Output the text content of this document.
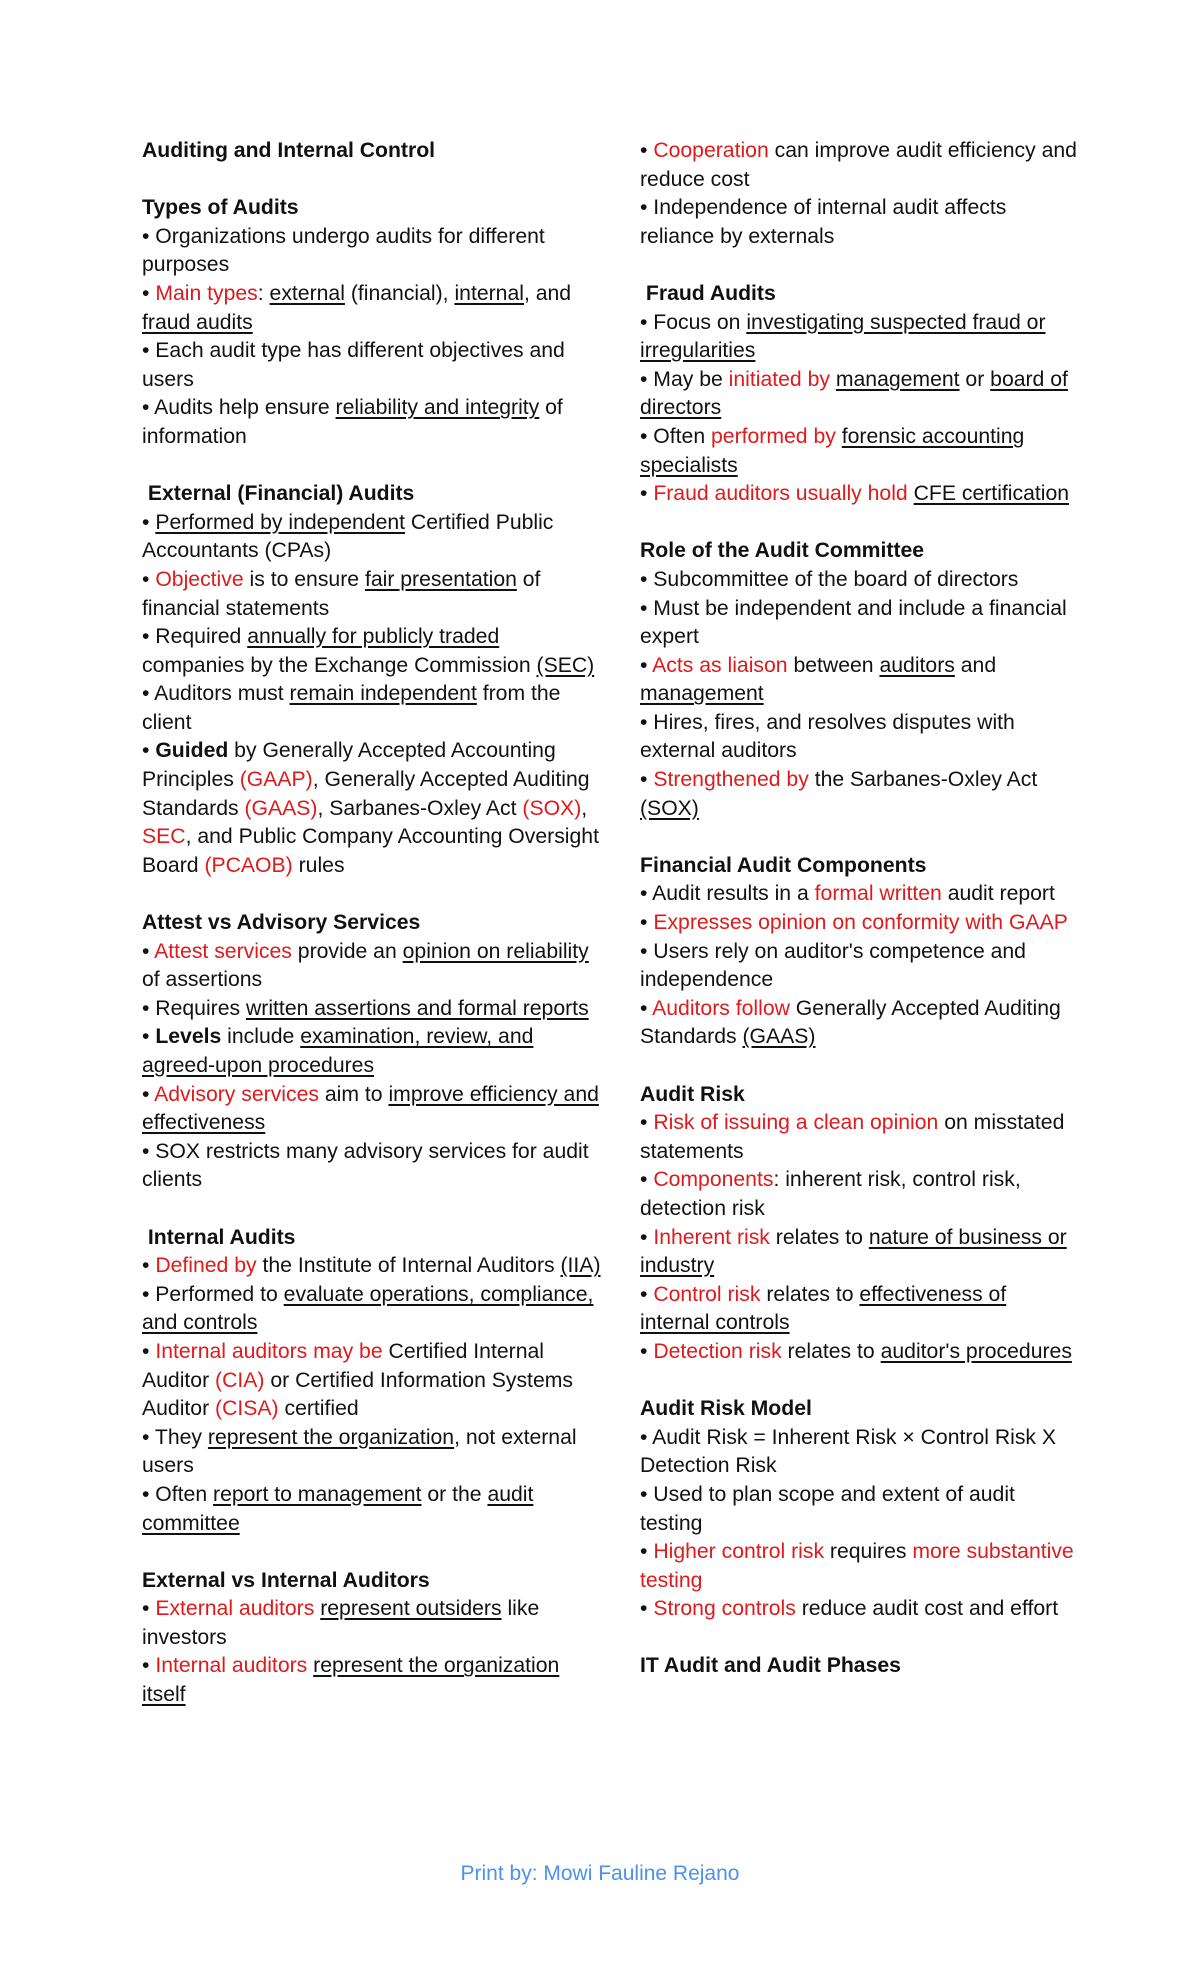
Auditing and Internal Control

Types of Audits

• Organizations undergo audits for different purposes

• Main types: external (financial), internal, and fraud audits

• Each audit type has different objectives and users

• Audits help ensure reliability and integrity of information

External (Financial) Audits

• Performed by independent Certified Public Accountants (CPAs)

• Objective is to ensure fair presentation of financial statements

• Required annually for publicly traded companies by the Exchange Commission (SEC)

• Auditors must remain independent from the client

• Guided by Generally Accepted Accounting Principles (GAAP), Generally Accepted Auditing Standards (GAAS), Sarbanes-Oxley Act (SOX), SEC, and Public Company Accounting Oversight Board (PCAOB) rules

Attest vs Advisory Services

• Attest services provide an opinion on reliability of assertions

• Requires written assertions and formal reports

• Levels include examination, review, and agreed-upon procedures

• Advisory services aim to improve efficiency and effectiveness

• SOX restricts many advisory services for audit clients

Internal Audits

• Defined by the Institute of Internal Auditors (IIA)

• Performed to evaluate operations, compliance, and controls

• Internal auditors may be Certified Internal Auditor (CIA) or Certified Information Systems Auditor (CISA) certified

• They represent the organization, not external users

• Often report to management or the audit committee

External vs Internal Auditors

• External auditors represent outsiders like investors

• Internal auditors represent the organization itself

• Cooperation can improve audit efficiency and reduce cost

• Independence of internal audit affects reliance by externals

Fraud Audits

• Focus on investigating suspected fraud or irregularities

• May be initiated by management or board of directors

• Often performed by forensic accounting specialists

• Fraud auditors usually hold CFE certification

Role of the Audit Committee

• Subcommittee of the board of directors

• Must be independent and include a financial expert

• Acts as liaison between auditors and management

• Hires, fires, and resolves disputes with external auditors

• Strengthened by the Sarbanes-Oxley Act (SOX)

Financial Audit Components

• Audit results in a formal written audit report

• Expresses opinion on conformity with GAAP

• Users rely on auditor's competence and independence

• Auditors follow Generally Accepted Auditing Standards (GAAS)

Audit Risk

• Risk of issuing a clean opinion on misstated statements

• Components: inherent risk, control risk, detection risk

• Inherent risk relates to nature of business or industry

• Control risk relates to effectiveness of internal controls

• Detection risk relates to auditor's procedures

Audit Risk Model

• Audit Risk = Inherent Risk × Control Risk X Detection Risk

• Used to plan scope and extent of audit testing

• Higher control risk requires more substantive testing

• Strong controls reduce audit cost and effort

IT Audit and Audit Phases

Print by: Mowi Fauline Rejano
